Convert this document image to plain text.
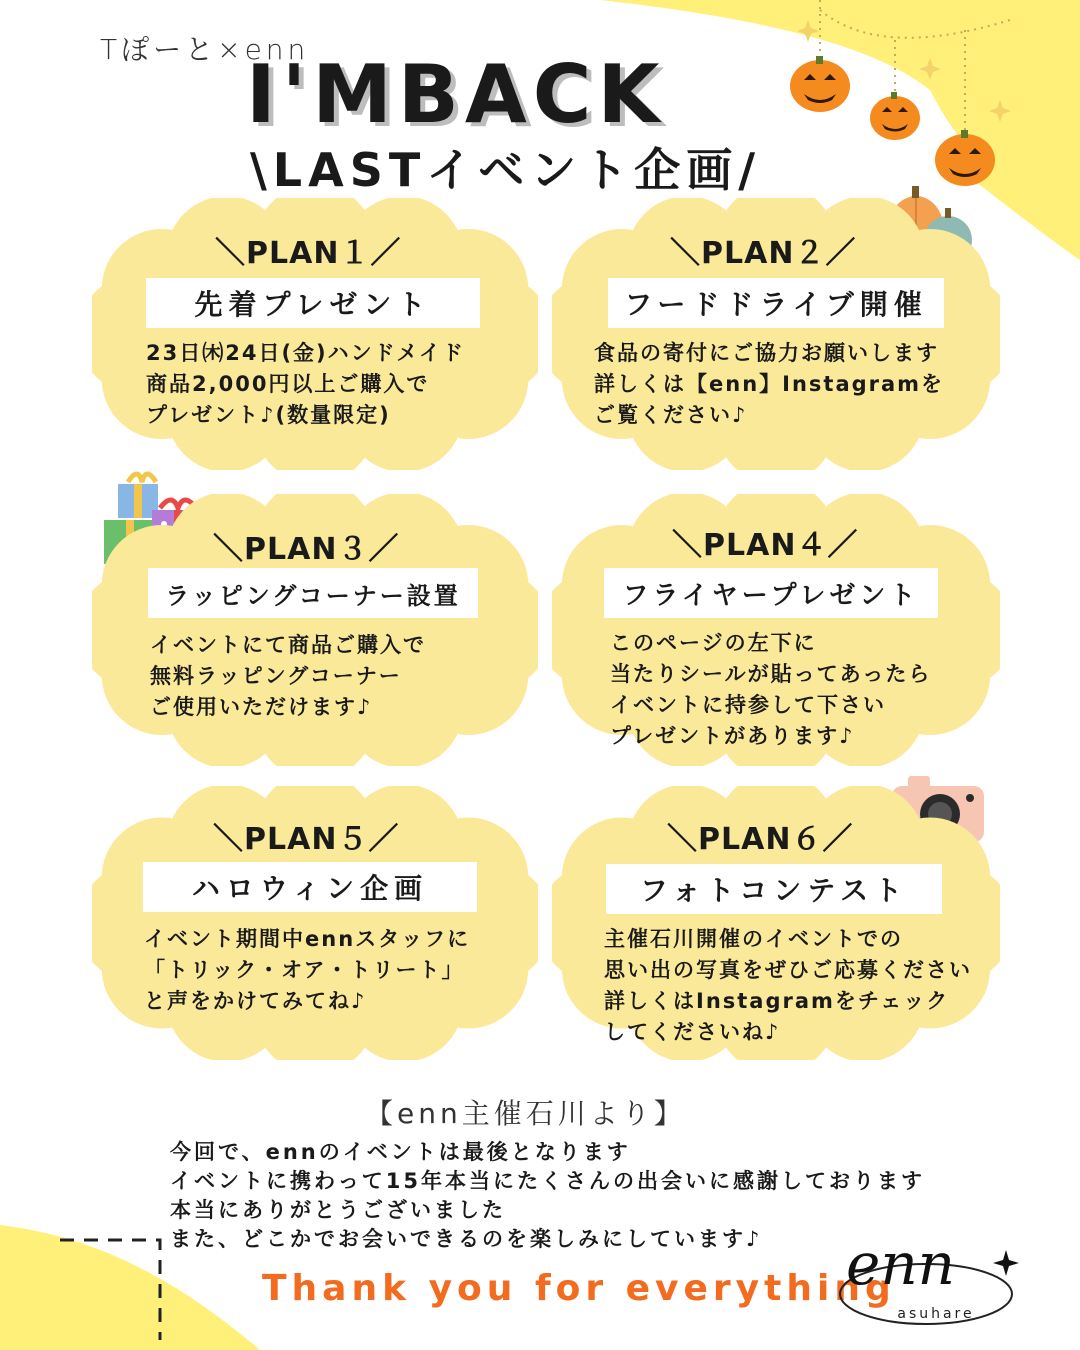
Tぽーと×enn
I'MBACK
\LASTイベント企画/
＼PLAN１／
先着プレゼント
23日㈭24日(金)ハンドメイド
商品2,000円以上ご購入で
プレゼント♪(数量限定)
＼PLAN２／
フードドライブ開催
食品の寄付にご協力お願いします
詳しくは【enn】Instagramを
ご覧ください♪
＼PLAN３／
ラッピングコーナー設置
イベントにて商品ご購入で
無料ラッピングコーナー
ご使用いただけます♪
＼PLAN４／
フライヤープレゼント
このページの左下に
当たりシールが貼ってあったら
イベントに持参して下さい
プレゼントがあります♪
＼PLAN５／
ハロウィン企画
イベント期間中ennスタッフに
「トリック・オア・トリート」
と声をかけてみてね♪
＼PLAN６／
フォトコンテスト
主催石川開催のイベントでの
思い出の写真をぜひご応募ください
詳しくはInstagramをチェック
してくださいね♪
【enn主催石川より】
今回で、ennのイベントは最後となります
イベントに携わって15年本当にたくさんの出会いに感謝しております
本当にありがとうございました
また、どこかでお会いできるのを楽しみにしています♪
Thank you for everything
enn
asuhare
